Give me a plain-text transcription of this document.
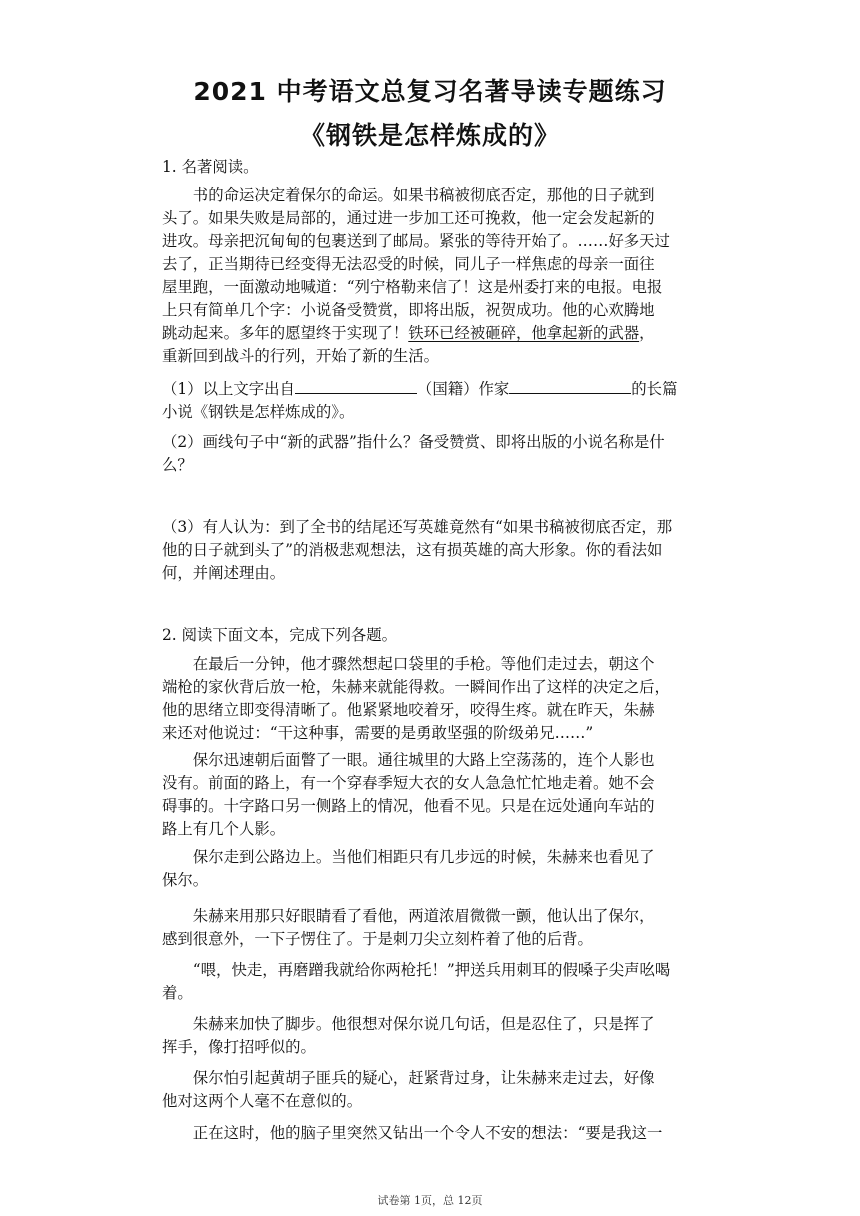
2021 中考语文总复习名著导读专题练习
《钢铁是怎样炼成的》
1. 名著阅读。
书的命运决定着保尔的命运。如果书稿被彻底否定，那他的日子就到
头了。如果失败是局部的，通过进一步加工还可挽救，他一定会发起新的
进攻。母亲把沉甸甸的包裹送到了邮局。紧张的等待开始了。……好多天过
去了，正当期待已经变得无法忍受的时候，同儿子一样焦虑的母亲一面往
屋里跑，一面激动地喊道：“列宁格勒来信了！这是州委打来的电报。电报
上只有简单几个字：小说备受赞赏，即将出版，祝贺成功。他的心欢腾地
跳动起来。多年的愿望终于实现了！铁环已经被砸碎，他拿起新的武器，
重新回到战斗的行列，开始了新的生活。
（1）以上文字出自	（国籍）作家	的长篇
小说《钢铁是怎样炼成的》。
（2）画线句子中“新的武器”指什么？备受赞赏、即将出版的小说名称是什
么？
（3）有人认为：到了全书的结尾还写英雄竟然有“如果书稿被彻底否定，那
他的日子就到头了”的消极悲观想法，这有损英雄的高大形象。你的看法如
何，并阐述理由。
2. 阅读下面文本，完成下列各题。
在最后一分钟，他才骤然想起口袋里的手枪。等他们走过去，朝这个
端枪的家伙背后放一枪，朱赫来就能得救。一瞬间作出了这样的决定之后，
他的思绪立即变得清晰了。他紧紧地咬着牙，咬得生疼。就在昨天，朱赫
来还对他说过：“干这种事，需要的是勇敢坚强的阶级弟兄……”
保尔迅速朝后面瞥了一眼。通往城里的大路上空荡荡的，连个人影也
没有。前面的路上，有一个穿春季短大衣的女人急急忙忙地走着。她不会
碍事的。十字路口另一侧路上的情况，他看不见。只是在远处通向车站的
路上有几个人影。
保尔走到公路边上。当他们相距只有几步远的时候，朱赫来也看见了
保尔。
朱赫来用那只好眼睛看了看他，两道浓眉微微一颤，他认出了保尔，
感到很意外，一下子愣住了。于是刺刀尖立刻杵着了他的后背。
“喂，快走，再磨蹭我就给你两枪托！”押送兵用刺耳的假嗓子尖声吆喝
着。
朱赫来加快了脚步。他很想对保尔说几句话，但是忍住了，只是挥了
挥手，像打招呼似的。
保尔怕引起黄胡子匪兵的疑心，赶紧背过身，让朱赫来走过去，好像
他对这两个人毫不在意似的。
正在这时，他的脑子里突然又钻出一个令人不安的想法：“要是我这一
试卷第 1页，总 12页
